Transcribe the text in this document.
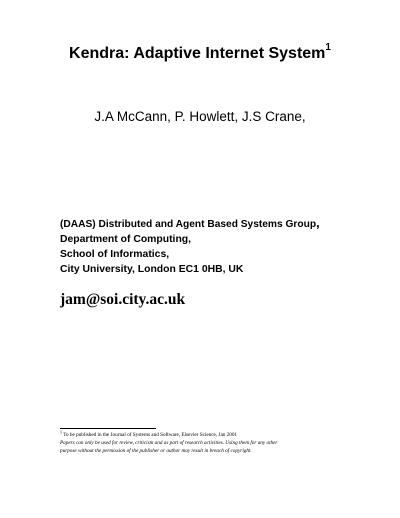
Kendra: Adaptive Internet System$^1$
J.A McCann, P. Howlett, J.S Crane,
(DAAS) Distributed and Agent Based Systems Group,
Department of Computing,
School of Informatics,
City University, London EC1 0HB, UK
jam@soi.city.ac.uk
$^1$ To be published in the Journal of Systems and Software, Elsevier Science, Jan 2001
Papers can only be used for review, criticism and as part of research activities. Using them for any other
purpose without the permission of the publisher or author may result in breach of copyright.
